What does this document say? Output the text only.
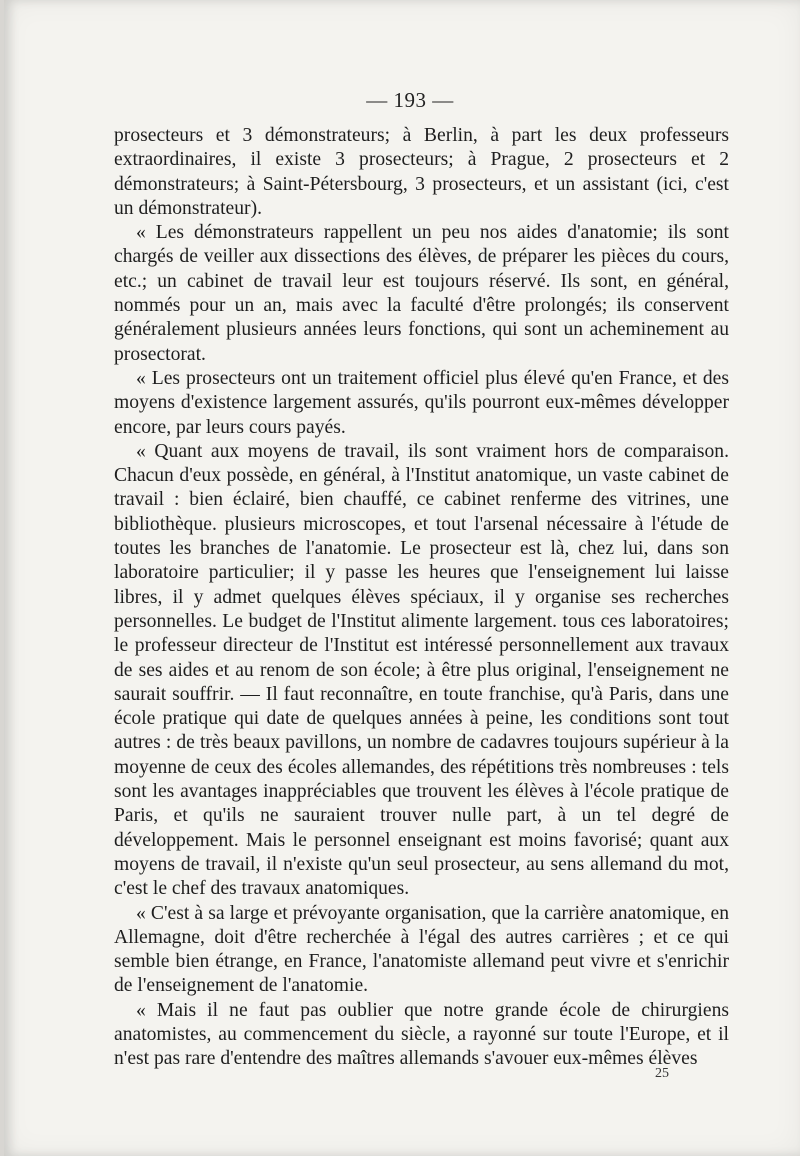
— 193 —

prosecteurs et 3 démonstrateurs; à Berlin, à part les deux professeurs extraordinaires, il existe 3 prosecteurs; à Prague, 2 prosecteurs et 2 démonstrateurs; à Saint-Pétersbourg, 3 prosecteurs, et un assistant (ici, c'est un démonstrateur).

« Les démonstrateurs rappellent un peu nos aides d'anatomie; ils sont chargés de veiller aux dissections des élèves, de préparer les pièces du cours, etc.; un cabinet de travail leur est toujours réservé. Ils sont, en général, nommés pour un an, mais avec la faculté d'être prolongés; ils conservent généralement plusieurs années leurs fonctions, qui sont un acheminement au prosectorat.

« Les prosecteurs ont un traitement officiel plus élevé qu'en France, et des moyens d'existence largement assurés, qu'ils pourront eux-mêmes développer encore, par leurs cours payés.

« Quant aux moyens de travail, ils sont vraiment hors de comparaison. Chacun d'eux possède, en général, à l'Institut anatomique, un vaste cabinet de travail : bien éclairé, bien chauffé, ce cabinet renferme des vitrines, une bibliothèque. plusieurs microscopes, et tout l'arsenal nécessaire à l'étude de toutes les branches de l'anatomie. Le prosecteur est là, chez lui, dans son laboratoire particulier; il y passe les heures que l'enseignement lui laisse libres, il y admet quelques élèves spéciaux, il y organise ses recherches personnelles. Le budget de l'Institut alimente largement. tous ces laboratoires; le professeur directeur de l'Institut est intéressé personnellement aux travaux de ses aides et au renom de son école; à être plus original, l'enseignement ne saurait souffrir. — Il faut reconnaître, en toute franchise, qu'à Paris, dans une école pratique qui date de quelques années à peine, les conditions sont tout autres : de très beaux pavillons, un nombre de cadavres toujours supérieur à la moyenne de ceux des écoles allemandes, des répétitions très nombreuses : tels sont les avantages inappréciables que trouvent les élèves à l'école pratique de Paris, et qu'ils ne sauraient trouver nulle part, à un tel degré de développement. Mais le personnel enseignant est moins favorisé; quant aux moyens de travail, il n'existe qu'un seul prosecteur, au sens allemand du mot, c'est le chef des travaux anatomiques.

« C'est à sa large et prévoyante organisation, que la carrière anatomique, en Allemagne, doit d'être recherchée à l'égal des autres carrières ; et ce qui semble bien étrange, en France, l'anatomiste allemand peut vivre et s'enrichir de l'enseignement de l'anatomie.

« Mais il ne faut pas oublier que notre grande école de chirurgiens anatomistes, au commencement du siècle, a rayonné sur toute l'Europe, et il n'est pas rare d'entendre des maîtres allemands s'avouer eux-mêmes élèves

25
